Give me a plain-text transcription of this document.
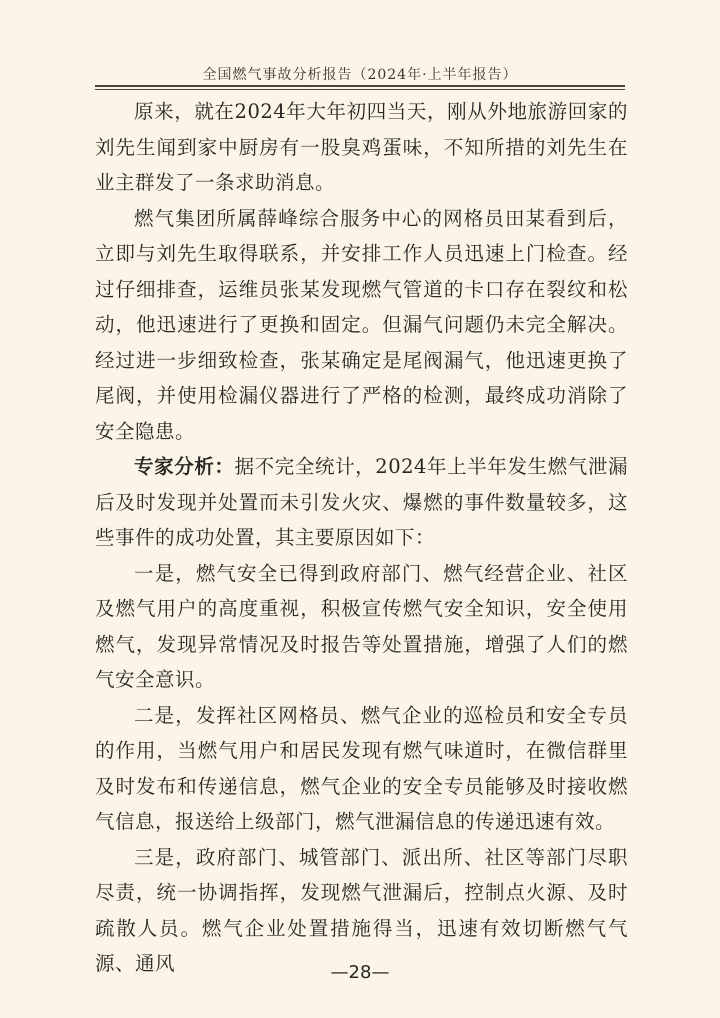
全国燃气事故分析报告（2024年·上半年报告）

原来，就在2024年大年初四当天，刚从外地旅游回家的刘先生闻到家中厨房有一股臭鸡蛋味，不知所措的刘先生在业主群发了一条求助消息。

燃气集团所属薛峰综合服务中心的网格员田某看到后，立即与刘先生取得联系，并安排工作人员迅速上门检查。经过仔细排查，运维员张某发现燃气管道的卡口存在裂纹和松动，他迅速进行了更换和固定。但漏气问题仍未完全解决。经过进一步细致检查，张某确定是尾阀漏气，他迅速更换了尾阀，并使用检漏仪器进行了严格的检测，最终成功消除了安全隐患。

专家分析：据不完全统计，2024年上半年发生燃气泄漏后及时发现并处置而未引发火灾、爆燃的事件数量较多，这些事件的成功处置，其主要原因如下：

一是，燃气安全已得到政府部门、燃气经营企业、社区及燃气用户的高度重视，积极宣传燃气安全知识，安全使用燃气，发现异常情况及时报告等处置措施，增强了人们的燃气安全意识。

二是，发挥社区网格员、燃气企业的巡检员和安全专员的作用，当燃气用户和居民发现有燃气味道时，在微信群里及时发布和传递信息，燃气企业的安全专员能够及时接收燃气信息，报送给上级部门，燃气泄漏信息的传递迅速有效。

三是，政府部门、城管部门、派出所、社区等部门尽职尽责，统一协调指挥，发现燃气泄漏后，控制点火源、及时疏散人员。燃气企业处置措施得当，迅速有效切断燃气气源、通风	—28—
